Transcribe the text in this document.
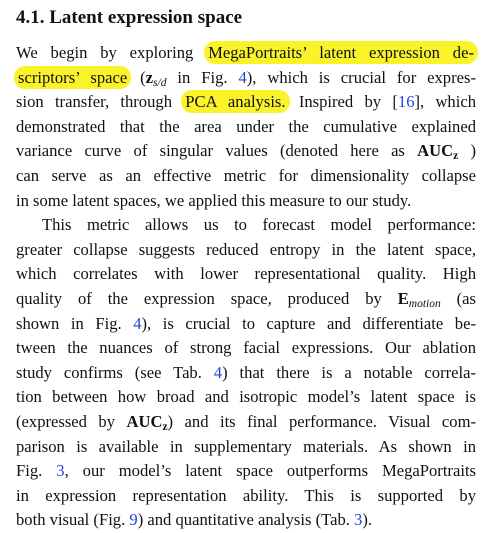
4.1. Latent expression space
We begin by exploring MegaPortraits’ latent expression de-
scriptors’ space (zs/d in Fig. 4), which is crucial for expres-
sion transfer, through PCA analysis. Inspired by [16], which
demonstrated that the area under the cumulative explained
variance curve of singular values (denoted here as $AUC_z$ )
can serve as an effective metric for dimensionality collapse
in some latent spaces, we applied this measure to our study.
This metric allows us to forecast model performance:
greater collapse suggests reduced entropy in the latent space,
which correlates with lower representational quality. High
quality of the expression space, produced by Emotion (as
shown in Fig. 4), is crucial to capture and differentiate be-
tween the nuances of strong facial expressions. Our ablation
study confirms (see Tab. 4) that there is a notable correla-
tion between how broad and isotropic model’s latent space is
(expressed by $AUC_z$) and its final performance. Visual com-
parison is available in supplementary materials. As shown in
Fig. 3, our model’s latent space outperforms MegaPortraits
in expression representation ability. This is supported by
both visual (Fig. 9) and quantitative analysis (Tab. 3).
